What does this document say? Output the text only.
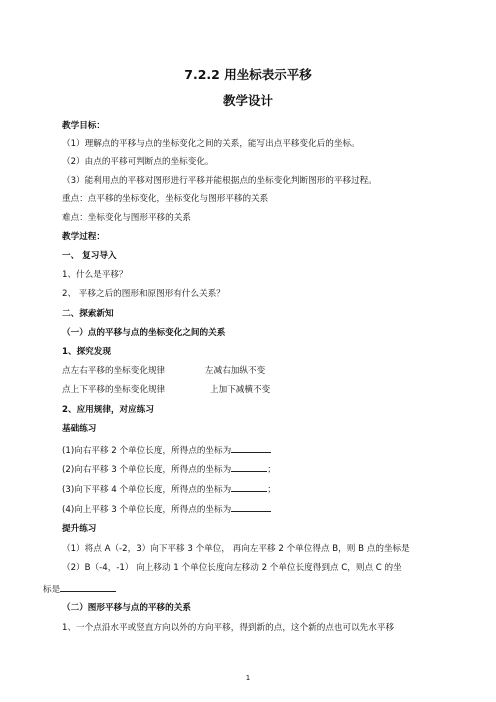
7.2.2 用坐标表示平移
教学设计
教学目标：
（1）理解点的平移与点的坐标变化之间的关系，能写出点平移变化后的坐标。
（2）由点的平移可判断点的坐标变化。
（3）能利用点的平移对图形进行平移并能根据点的坐标变化判断图形的平移过程。
重点：点平移的坐标变化，坐标变化与图形平移的关系
难点：坐标变化与图形平移的关系
教学过程：
一、 复习导入
1、什么是平移？
2、 平移之后的图形和原图形有什么关系？
二、探索新知
（一）点的平移与点的坐标变化之间的关系
1、探究发现
点左右平移的坐标变化规律	左减右加纵不变
点上下平移的坐标变化规律	上加下减横不变
2、应用规律，对应练习
基础练习
(1)向右平移 2 个单位长度，所得点的坐标为
(2)向右平移 3 个单位长度，所得点的坐标为	；
(3)向下平移 4 个单位长度，所得点的坐标为	；
(4)向上平移 3 个单位长度，所得点的坐标为
提升练习
（1）将点 A（-2，3）向下平移 3 个单位， 再向左平移 2 个单位得点 B，则 B 点的坐标是
（2）B（-4，-1） 向上移动 1 个单位长度向左移动 2 个单位长度得到点 C，则点 C 的坐
标是
（二）图形平移与点的平移的关系
1、一个点沿水平或竖直方向以外的方向平移，得到新的点，这个新的点也可以先水平移
1
